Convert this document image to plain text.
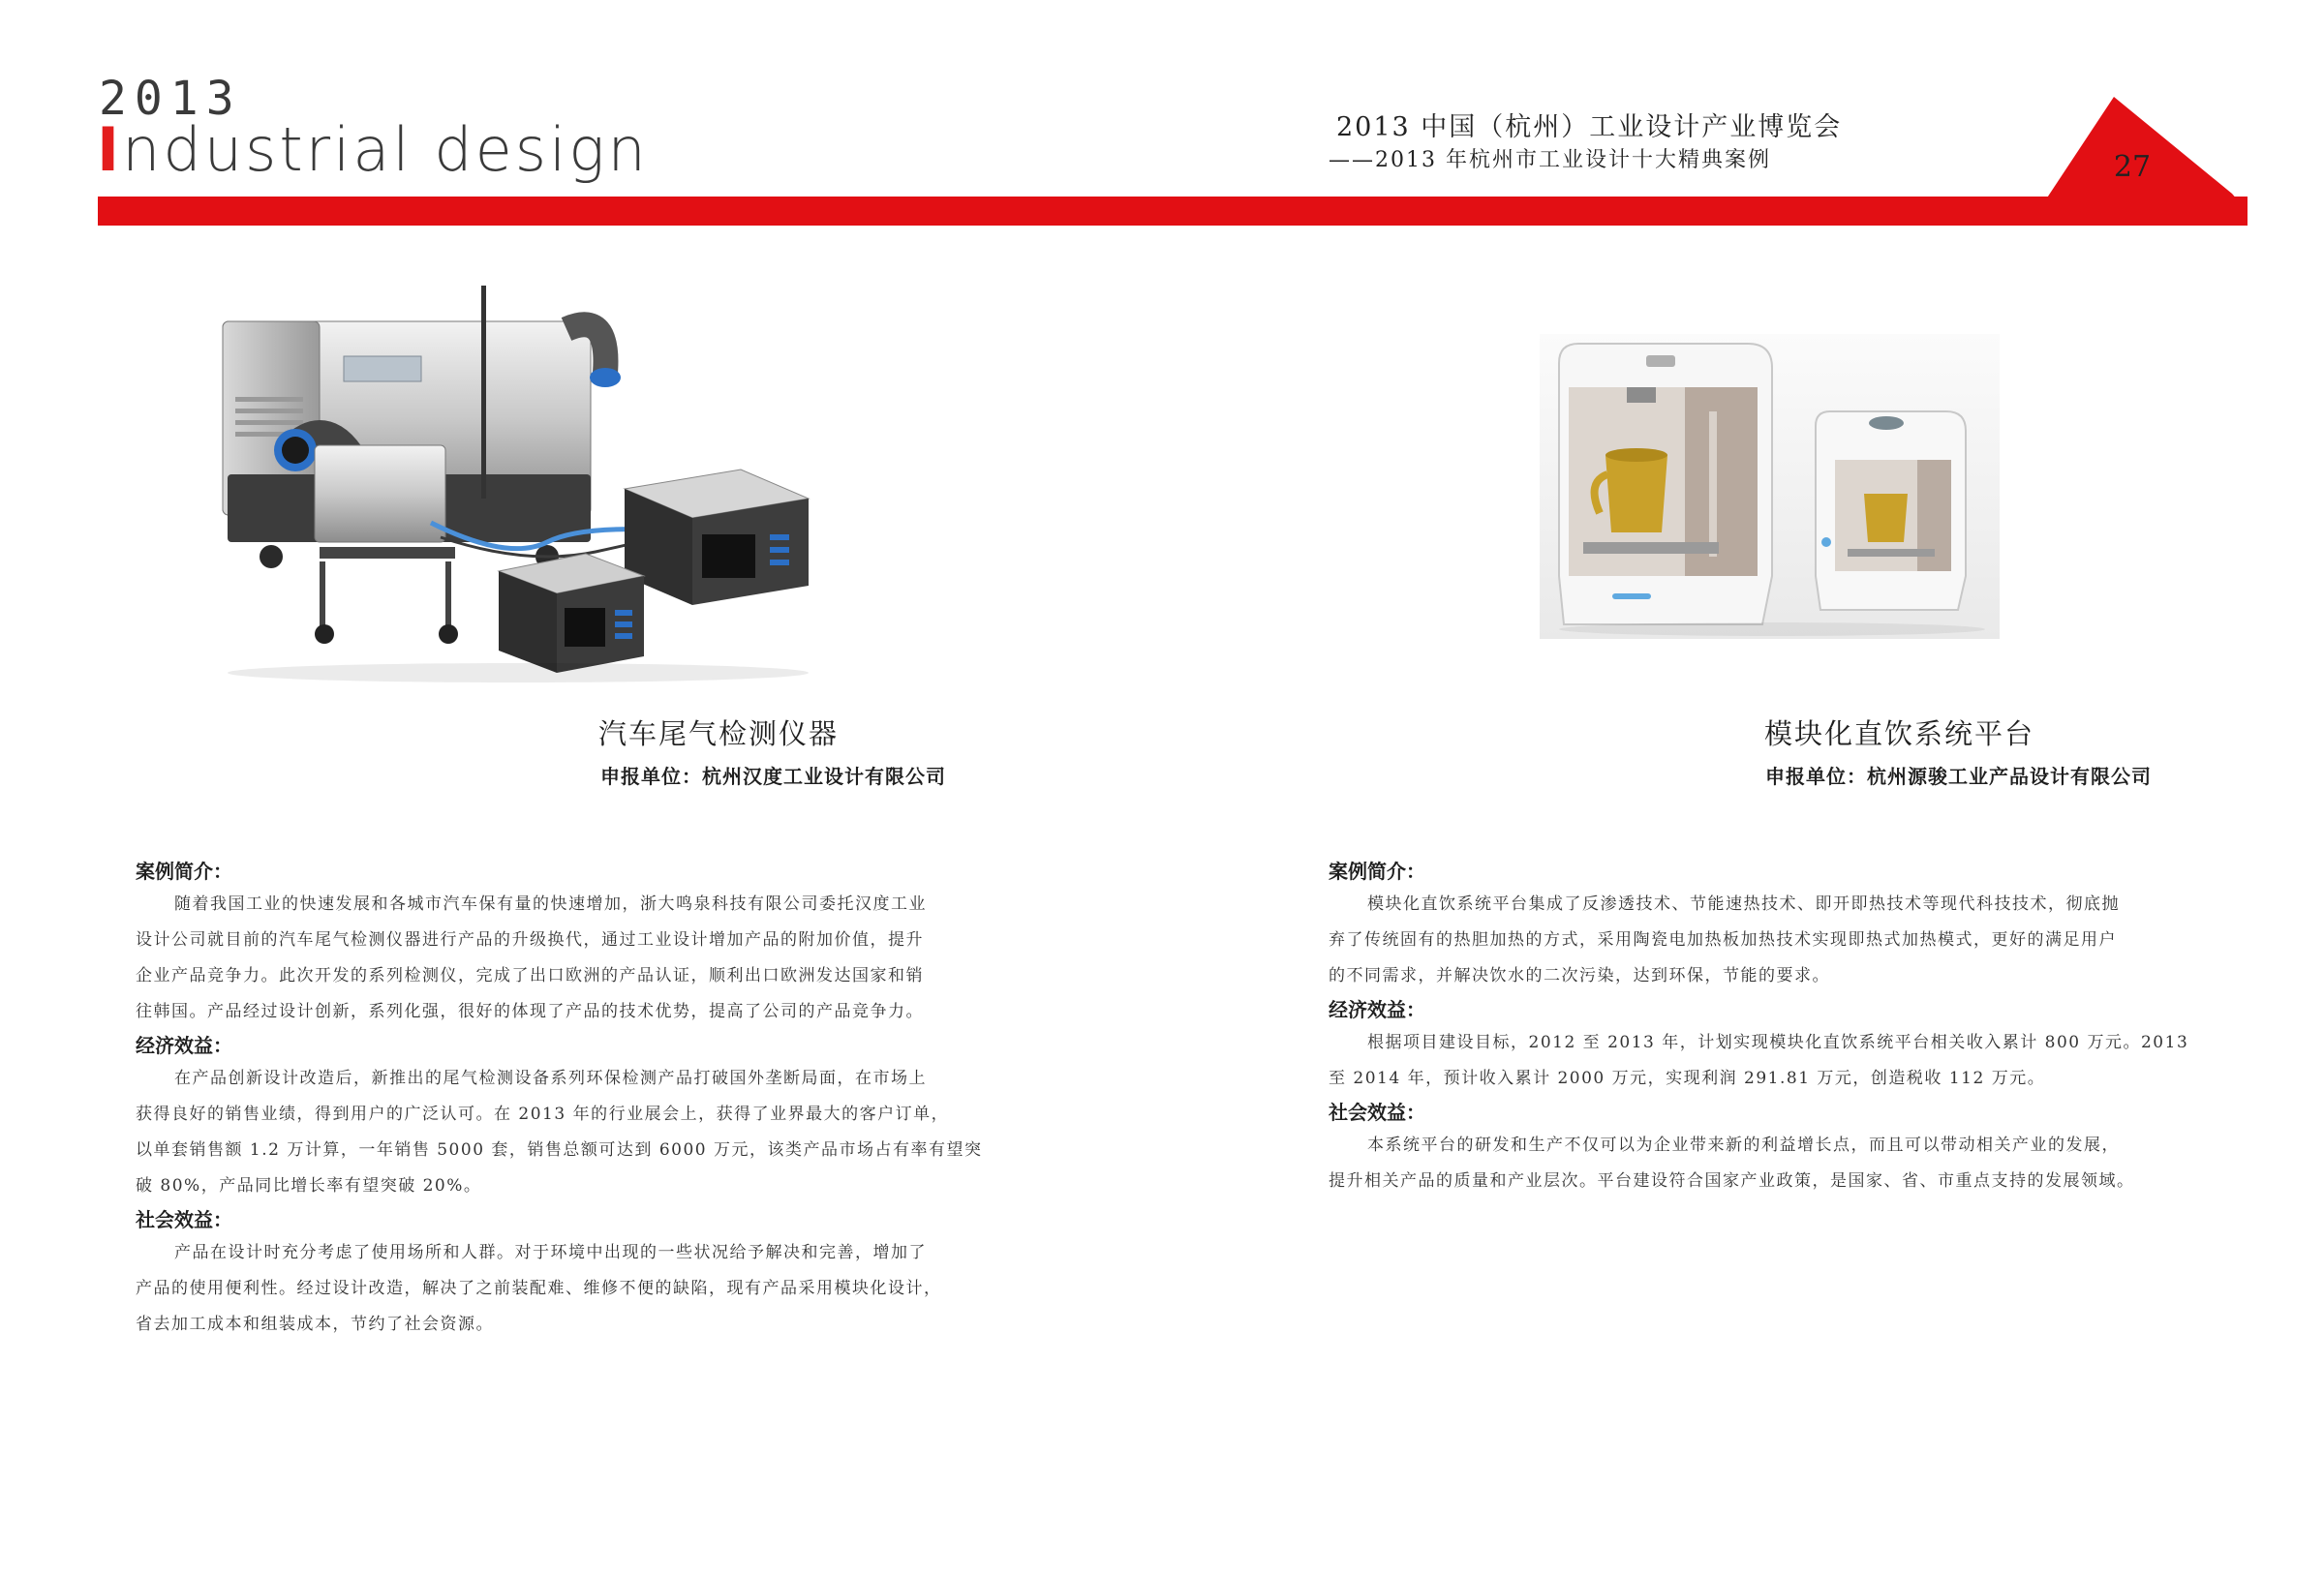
2013
Industrial design	27
2013 中国（杭州）工业设计产业博览会
——2013 年杭州市工业设计十大精典案例
汽车尾气检测仪器
申报单位：杭州汉度工业设计有限公司
模块化直饮系统平台
申报单位：杭州源骏工业产品设计有限公司

案例简介：

随着我国工业的快速发展和各城市汽车保有量的快速增加，浙大鸣泉科技有限公司委托汉度工业

设计公司就目前的汽车尾气检测仪器进行产品的升级换代，通过工业设计增加产品的附加价值，提升

企业产品竞争力。此次开发的系列检测仪，完成了出口欧洲的产品认证，顺利出口欧洲发达国家和销

往韩国。产品经过设计创新，系列化强，很好的体现了产品的技术优势，提高了公司的产品竞争力。

经济效益：

在产品创新设计改造后，新推出的尾气检测设备系列环保检测产品打破国外垄断局面，在市场上

获得良好的销售业绩，得到用户的广泛认可。在 2013 年的行业展会上，获得了业界最大的客户订单，

以单套销售额 1.2 万计算，一年销售 5000 套，销售总额可达到 6000 万元，该类产品市场占有率有望突

破 80%，产品同比增长率有望突破 20%。

社会效益：

产品在设计时充分考虑了使用场所和人群。对于环境中出现的一些状况给予解决和完善，增加了

产品的使用便利性。经过设计改造，解决了之前装配难、维修不便的缺陷，现有产品采用模块化设计，

省去加工成本和组装成本，节约了社会资源。

案例简介：

模块化直饮系统平台集成了反渗透技术、节能速热技术、即开即热技术等现代科技技术，彻底抛

弃了传统固有的热胆加热的方式，采用陶瓷电加热板加热技术实现即热式加热模式，更好的满足用户

的不同需求，并解决饮水的二次污染，达到环保，节能的要求。

经济效益：

根据项目建设目标，2012 至 2013 年，计划实现模块化直饮系统平台相关收入累计 800 万元。2013

至 2014 年，预计收入累计 2000 万元，实现利润 291.81 万元，创造税收 112 万元。

社会效益：

本系统平台的研发和生产不仅可以为企业带来新的利益增长点，而且可以带动相关产业的发展，

提升相关产品的质量和产业层次。平台建设符合国家产业政策，是国家、省、市重点支持的发展领域。
